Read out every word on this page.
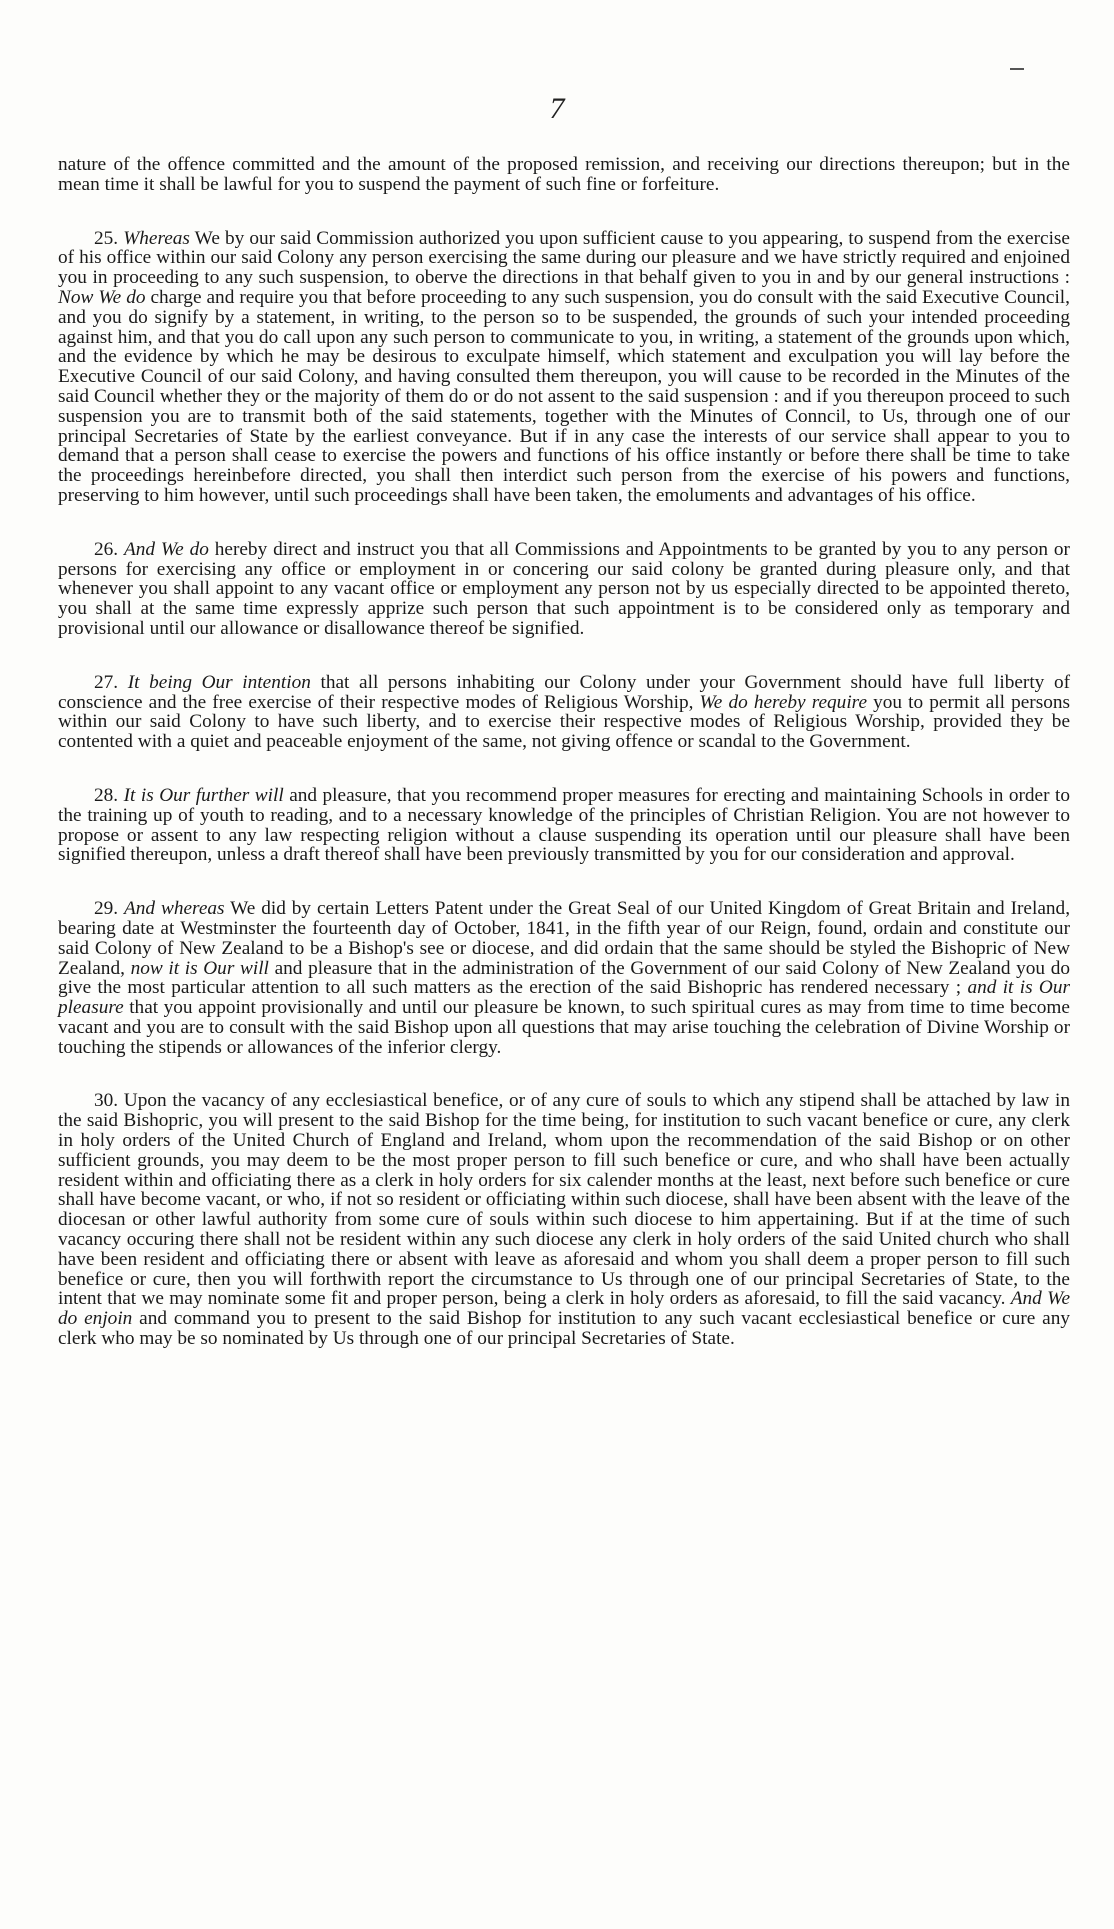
7

nature of the offence committed and the amount of the proposed remission, and receiving our directions thereupon; but in the mean time it shall be lawful for you to suspend the payment of such fine or forfeiture.

25. Whereas We by our said Commission authorized you upon sufficient cause to you appearing, to suspend from the exercise of his office within our said Colony any person exercising the same during our pleasure and we have strictly required and enjoined you in proceeding to any such suspension, to oberve the directions in that behalf given to you in and by our general instructions : Now We do charge and require you that before proceeding to any such suspension, you do consult with the said Executive Council, and you do signify by a statement, in writing, to the person so to be suspended, the grounds of such your intended proceeding against him, and that you do call upon any such person to communicate to you, in writing, a statement of the grounds upon which, and the evidence by which he may be desirous to exculpate himself, which statement and exculpation you will lay before the Executive Council of our said Colony, and having consulted them thereupon, you will cause to be recorded in the Minutes of the said Council whether they or the majority of them do or do not assent to the said suspension : and if you thereupon proceed to such suspension you are to transmit both of the said statements, together with the Minutes of Conncil, to Us, through one of our principal Secretaries of State by the earliest conveyance. But if in any case the interests of our service shall appear to you to demand that a person shall cease to exercise the powers and functions of his office instantly or before there shall be time to take the proceedings hereinbefore directed, you shall then interdict such person from the exercise of his powers and functions, preserving to him however, until such proceedings shall have been taken, the emoluments and advantages of his office.

26. And We do hereby direct and instruct you that all Commissions and Appointments to be granted by you to any person or persons for exercising any office or employment in or concering our said colony be granted during pleasure only, and that whenever you shall appoint to any vacant office or employment any person not by us especially directed to be appointed thereto, you shall at the same time expressly apprize such person that such appointment is to be considered only as temporary and provisional until our allowance or disallowance thereof be signified.

27. It being Our intention that all persons inhabiting our Colony under your Government should have full liberty of conscience and the free exercise of their respective modes of Religious Worship, We do hereby require you to permit all persons within our said Colony to have such liberty, and to exercise their respective modes of Religious Worship, provided they be contented with a quiet and peaceable enjoyment of the same, not giving offence or scandal to the Government.

28. It is Our further will and pleasure, that you recommend proper measures for erecting and maintaining Schools in order to the training up of youth to reading, and to a necessary knowledge of the principles of Christian Religion. You are not however to propose or assent to any law respecting religion without a clause suspending its operation until our pleasure shall have been signified thereupon, unless a draft thereof shall have been previously transmitted by you for our consideration and approval.

29. And whereas We did by certain Letters Patent under the Great Seal of our United Kingdom of Great Britain and Ireland, bearing date at Westminster the fourteenth day of October, 1841, in the fifth year of our Reign, found, ordain and constitute our said Colony of New Zealand to be a Bishop's see or diocese, and did ordain that the same should be styled the Bishopric of New Zealand, now it is Our will and pleasure that in the administration of the Government of our said Colony of New Zealand you do give the most particular attention to all such matters as the erection of the said Bishopric has rendered necessary ; and it is Our pleasure that you appoint provisionally and until our pleasure be known, to such spiritual cures as may from time to time become vacant and you are to consult with the said Bishop upon all questions that may arise touching the celebration of Divine Worship or touching the stipends or allowances of the inferior clergy.

30. Upon the vacancy of any ecclesiastical benefice, or of any cure of souls to which any stipend shall be attached by law in the said Bishopric, you will present to the said Bishop for the time being, for institution to such vacant benefice or cure, any clerk in holy orders of the United Church of England and Ireland, whom upon the recommendation of the said Bishop or on other sufficient grounds, you may deem to be the most proper person to fill such benefice or cure, and who shall have been actually resident within and officiating there as a clerk in holy orders for six calender months at the least, next before such benefice or cure shall have become vacant, or who, if not so resident or officiating within such diocese, shall have been absent with the leave of the diocesan or other lawful authority from some cure of souls within such diocese to him appertaining. But if at the time of such vacancy occuring there shall not be resident within any such diocese any clerk in holy orders of the said United church who shall have been resident and officiating there or absent with leave as aforesaid and whom you shall deem a proper person to fill such benefice or cure, then you will forthwith report the circumstance to Us through one of our principal Secretaries of State, to the intent that we may nominate some fit and proper person, being a clerk in holy orders as aforesaid, to fill the said vacancy. And We do enjoin and command you to present to the said Bishop for institution to any such vacant ecclesiastical benefice or cure any clerk who may be so nominated by Us through one of our principal Secretaries of State.
